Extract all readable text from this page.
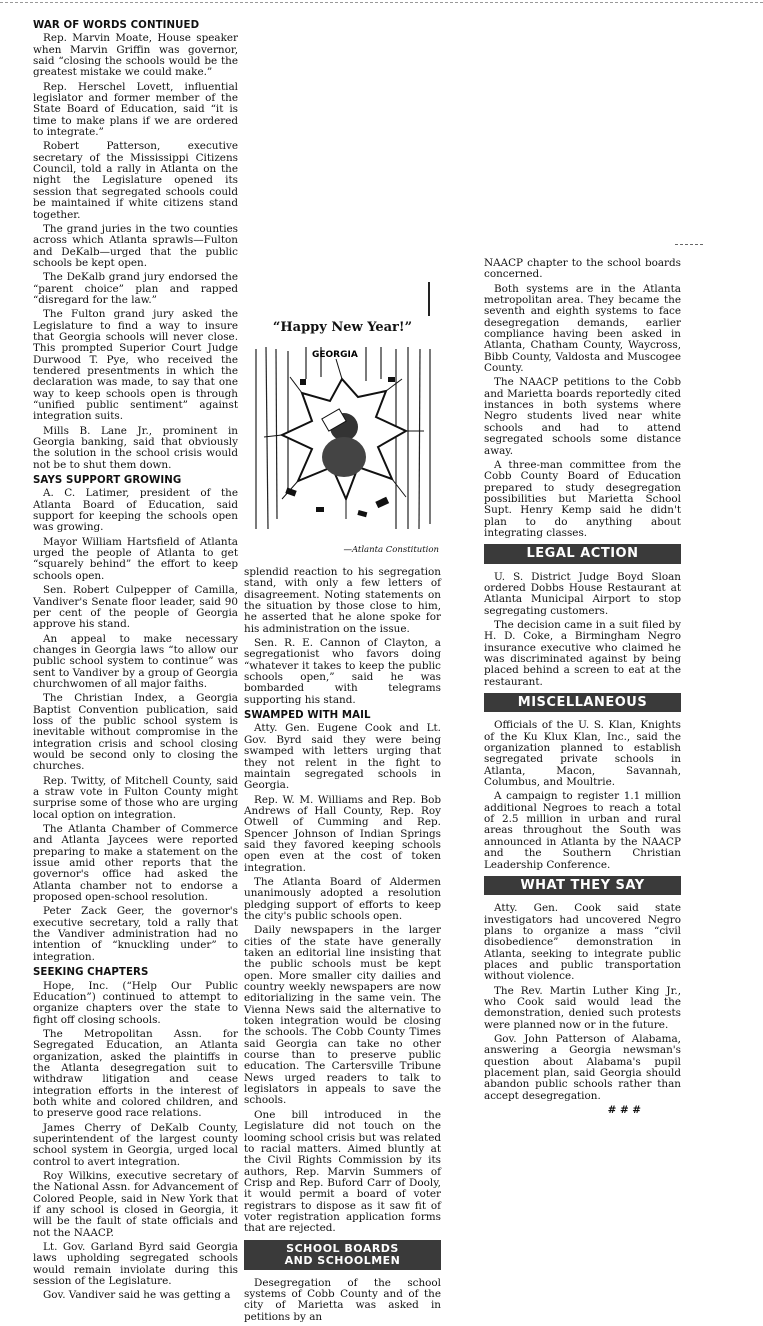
WAR OF WORDS CONTINUED

Rep. Marvin Moate, House speaker when Marvin Griffin was governor, said “closing the schools would be the greatest mistake we could make.”

Rep. Herschel Lovett, influential legislator and former member of the State Board of Education, said “it is time to make plans if we are ordered to integrate.”

Robert Patterson, executive secretary of the Mississippi Citizens Council, told a rally in Atlanta on the night the Legislature opened its session that segregated schools could be maintained if white citizens stand together.

The grand juries in the two counties across which Atlanta sprawls—Fulton and DeKalb—urged that the public schools be kept open.

The DeKalb grand jury endorsed the “parent choice” plan and rapped “disregard for the law.”

The Fulton grand jury asked the Legislature to find a way to insure that Georgia schools will never close. This prompted Superior Court Judge Durwood T. Pye, who received the tendered presentments in which the declaration was made, to say that one way to keep schools open is through “unified public sentiment” against integration suits.

Mills B. Lane Jr., prominent in Georgia banking, said that obviously the solution in the school crisis would not be to shut them down.

SAYS SUPPORT GROWING

A. C. Latimer, president of the Atlanta Board of Education, said support for keeping the schools open was growing.

Mayor William Hartsfield of Atlanta urged the people of Atlanta to get “squarely behind” the effort to keep schools open.

Sen. Robert Culpepper of Camilla, Vandiver's Senate floor leader, said 90 per cent of the people of Georgia approve his stand.

An appeal to make necessary changes in Georgia laws “to allow our public school system to continue” was sent to Vandiver by a group of Georgia churchwomen of all major faiths.

The Christian Index, a Georgia Baptist Convention publication, said loss of the public school system is inevitable without compromise in the integration crisis and school closing would be second only to closing the churches.

Rep. Twitty, of Mitchell County, said a straw vote in Fulton County might surprise some of those who are urging local option on integration.

The Atlanta Chamber of Commerce and Atlanta Jaycees were reported preparing to make a statement on the issue amid other reports that the governor's office had asked the Atlanta chamber not to endorse a proposed open-school resolution.

Peter Zack Geer, the governor's executive secretary, told a rally that the Vandiver administration had no intention of “knuckling under” to integration.

SEEKING CHAPTERS

Hope, Inc. (“Help Our Public Education”) continued to attempt to organize chapters over the state to fight off closing schools.

The Metropolitan Assn. for Segregated Education, an Atlanta organization, asked the plaintiffs in the Atlanta desegregation suit to withdraw litigation and cease integration efforts in the interest of both white and colored children, and to preserve good race relations.

James Cherry of DeKalb County, superintendent of the largest county school system in Georgia, urged local control to avert integration.

Roy Wilkins, executive secretary of the National Assn. for Advancement of Colored People, said in New York that if any school is closed in Georgia, it will be the fault of state officials and not the NAACP.

Lt. Gov. Garland Byrd said Georgia laws upholding segregated schools would remain inviolate during this session of the Legislature.

Gov. Vandiver said he was getting a

“Happy New Year!”
GEORGIA
—Atlanta Constitution

splendid reaction to his segregation stand, with only a few letters of disagreement. Noting statements on the situation by those close to him, he asserted that he alone spoke for his administration on the issue.

Sen. R. E. Cannon of Clayton, a segregationist who favors doing “whatever it takes to keep the public schools open,” said he was bombarded with telegrams supporting his stand.

SWAMPED WITH MAIL

Atty. Gen. Eugene Cook and Lt. Gov. Byrd said they were being swamped with letters urging that they not relent in the fight to maintain segregated schools in Georgia.

Rep. W. M. Williams and Rep. Bob Andrews of Hall County, Rep. Roy Otwell of Cumming and Rep. Spencer Johnson of Indian Springs said they favored keeping schools open even at the cost of token integration.

The Atlanta Board of Aldermen unanimously adopted a resolution pledging support of efforts to keep the city's public schools open.

Daily newspapers in the larger cities of the state have generally taken an editorial line insisting that the public schools must be kept open. More smaller city dailies and country weekly newspapers are now editorializing in the same vein. The Vienna News said the alternative to token integration would be closing the schools. The Cobb County Times said Georgia can take no other course than to preserve public education. The Cartersville Tribune News urged readers to talk to legislators in appeals to save the schools.

One bill introduced in the Legislature did not touch on the looming school crisis but was related to racial matters. Aimed bluntly at the Civil Rights Commission by its authors, Rep. Marvin Summers of Crisp and Rep. Buford Carr of Dooly, it would permit a board of voter registrars to dispose as it saw fit of voter registration application forms that are rejected.

SCHOOL BOARDS
AND SCHOOLMEN

Desegregation of the school systems of Cobb County and of the city of Marietta was asked in petitions by an

NAACP chapter to the school boards concerned.

Both systems are in the Atlanta metropolitan area. They became the seventh and eighth systems to face desegregation demands, earlier compliance having been asked in Atlanta, Chatham County, Waycross, Bibb County, Valdosta and Muscogee County.

The NAACP petitions to the Cobb and Marietta boards reportedly cited instances in both systems where Negro students lived near white schools and had to attend segregated schools some distance away.

A three-man committee from the Cobb County Board of Education prepared to study desegregation possibilities but Marietta School Supt. Henry Kemp said he didn't plan to do anything about integrating classes.

LEGAL ACTION

U. S. District Judge Boyd Sloan ordered Dobbs House Restaurant at Atlanta Municipal Airport to stop segregating customers.

The decision came in a suit filed by H. D. Coke, a Birmingham Negro insurance executive who claimed he was discriminated against by being placed behind a screen to eat at the restaurant.

MISCELLANEOUS

Officials of the U. S. Klan, Knights of the Ku Klux Klan, Inc., said the organization planned to establish segregated private schools in Atlanta, Macon, Savannah, Columbus, and Moultrie.

A campaign to register 1.1 million additional Negroes to reach a total of 2.5 million in urban and rural areas throughout the South was announced in Atlanta by the NAACP and the Southern Christian Leadership Conference.

WHAT THEY SAY

Atty. Gen. Cook said state investigators had uncovered Negro plans to organize a mass “civil disobedience” demonstration in Atlanta, seeking to integrate public places and public transportation without violence.

The Rev. Martin Luther King Jr., who Cook said would lead the demonstration, denied such protests were planned now or in the future.

Gov. John Patterson of Alabama, answering a Georgia newsman's question about Alabama's pupil placement plan, said Georgia should abandon public schools rather than accept desegregation.

# # #
